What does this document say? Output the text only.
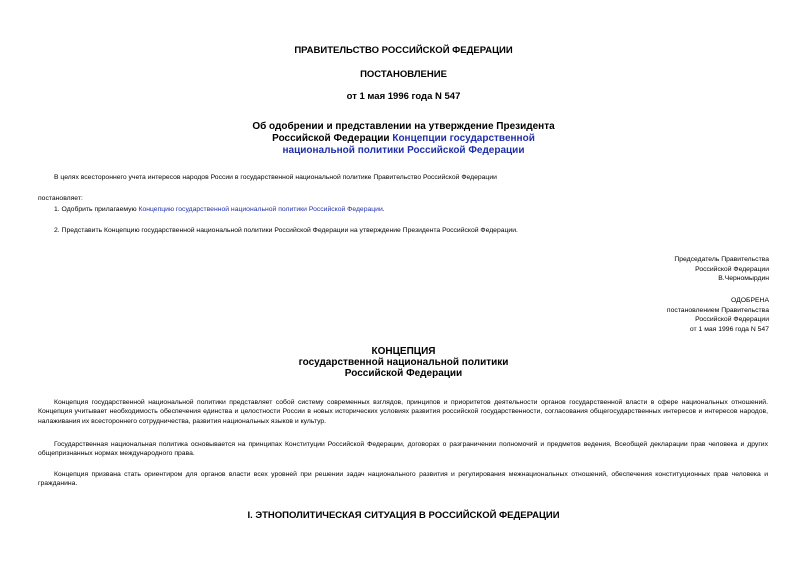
ПРАВИТЕЛЬСТВО РОССИЙСКОЙ ФЕДЕРАЦИИ
ПОСТАНОВЛЕНИЕ
от 1 мая 1996 года N 547
Об одобрении и представлении на утверждение Президента
Российской Федерации Концепции государственной
национальной политики Российской Федерации
В целях всестороннего учета интересов народов России в государственной национальной политике Правительство Российской Федерации
постановляет:
1. Одобрить прилагаемую Концепцию государственной национальной политики Российской Федерации.
2. Представить Концепцию государственной национальной политики Российской Федерации на утверждение Президента Российской Федерации.
Председатель Правительства
Российской Федерации
В.Черномырдин
ОДОБРЕНА
постановлением Правительства
Российской Федерации
от 1 мая 1996 года N 547
КОНЦЕПЦИЯ
государственной национальной политики
Российской Федерации

Концепция государственной национальной политики представляет собой систему современных взглядов, принципов и приоритетов деятельности органов государственной власти в сфере национальных отношений. Концепция учитывает необходимость обеспечения единства и целостности России в новых исторических условиях развития российской государственности, согласования общегосударственных интересов и интересов народов, налаживания их всестороннего сотрудничества, развития национальных языков и культур.

Государственная национальная политика основывается на принципах Конституции Российской Федерации, договорах о разграничении полномочий и предметов ведения, Всеобщей декларации прав человека и других общепризнанных нормах международного права.

Концепция призвана стать ориентиром для органов власти всех уровней при решении задач национального развития и регулирования межнациональных отношений, обеспечения конституционных прав человека и гражданина.

I. ЭТНОПОЛИТИЧЕСКАЯ СИТУАЦИЯ В РОССИЙСКОЙ ФЕДЕРАЦИИ
